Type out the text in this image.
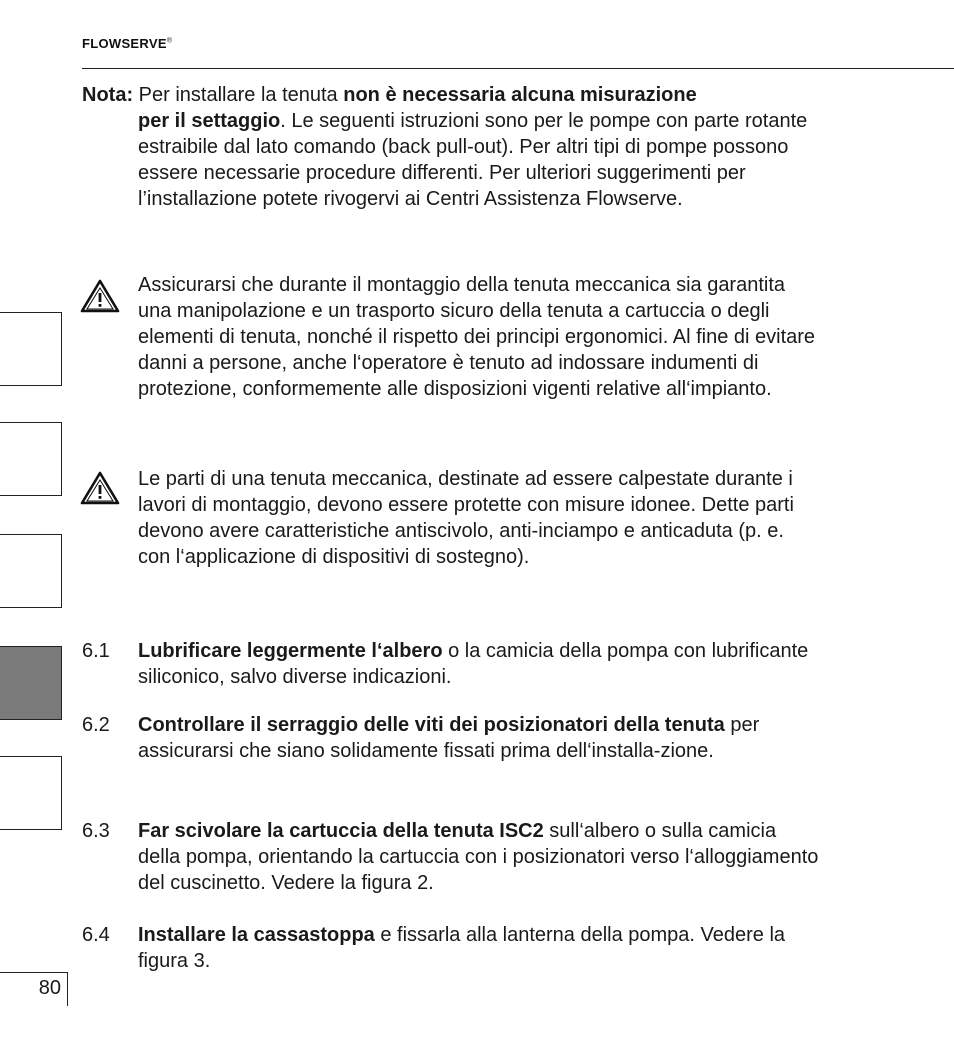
FLOWSERVE®
Nota: Per installare la tenuta non è necessaria alcuna misurazione
per il settaggio. Le seguenti istruzioni sono per le pompe con parte rotante estraibile dal lato comando (back pull-out). Per altri tipi di pompe possono essere necessarie procedure differenti. Per ulteriori suggerimenti per l’installazione potete rivogervi ai Centri Assistenza Flowserve.
Assicurarsi che durante il montaggio della tenuta meccanica sia garantita una manipolazione e un trasporto sicuro della tenuta a cartuccia o degli elementi di tenuta, nonché il rispetto dei principi ergonomici. Al fine di evitare danni a persone, anche l‘operatore è tenuto ad indossare indumenti di protezione, conformemente alle disposizioni vigenti relative all‘impianto.
Le parti di una tenuta meccanica, destinate ad essere calpestate durante i lavori di montaggio, devono essere protette con misure idonee. Dette parti devono avere caratteristiche antiscivolo, anti-inciampo e anticaduta (p. e. con l‘applicazione di dispositivi di sostegno).
6.1	Lubrificare leggermente l‘albero o la camicia della pompa con lubrificante siliconico, salvo diverse indicazioni.
6.2	Controllare il serraggio delle viti dei posizionatori della tenuta per assicurarsi che siano solidamente fissati prima dell‘installa-zione.
6.3	Far scivolare la cartuccia della tenuta ISC2 sull‘albero o sulla camicia della pompa, orientando la cartuccia con i posizionatori verso l‘alloggiamento del cuscinetto. Vedere la figura 2.
6.4	Installare la cassastoppa e fissarla alla lanterna della pompa. Vedere la figura 3.
80
